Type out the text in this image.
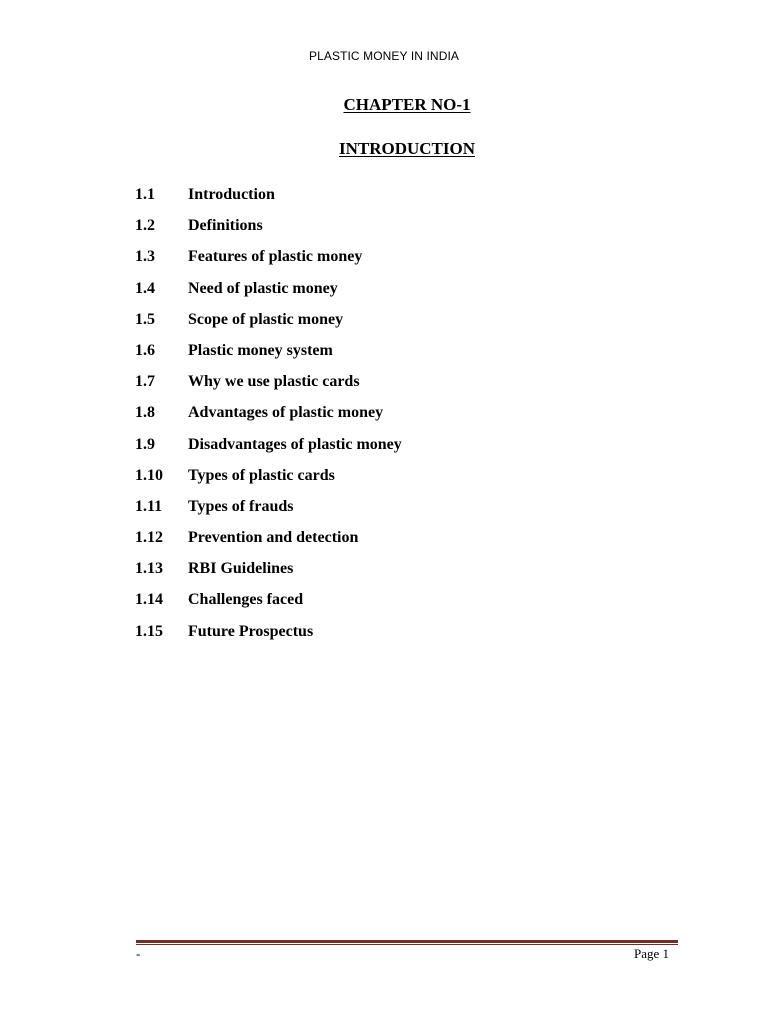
PLASTIC MONEY IN INDIA
CHAPTER NO-1
INTRODUCTION
1.1 Introduction
1.2 Definitions
1.3 Features of plastic money
1.4 Need of plastic money
1.5 Scope of plastic money
1.6 Plastic money system
1.7 Why we use plastic cards
1.8 Advantages of plastic money
1.9 Disadvantages of plastic money
1.10 Types of plastic cards
1.11 Types of frauds
1.12 Prevention and detection
1.13 RBI Guidelines
1.14 Challenges faced
1.15 Future Prospectus
-	Page 1
